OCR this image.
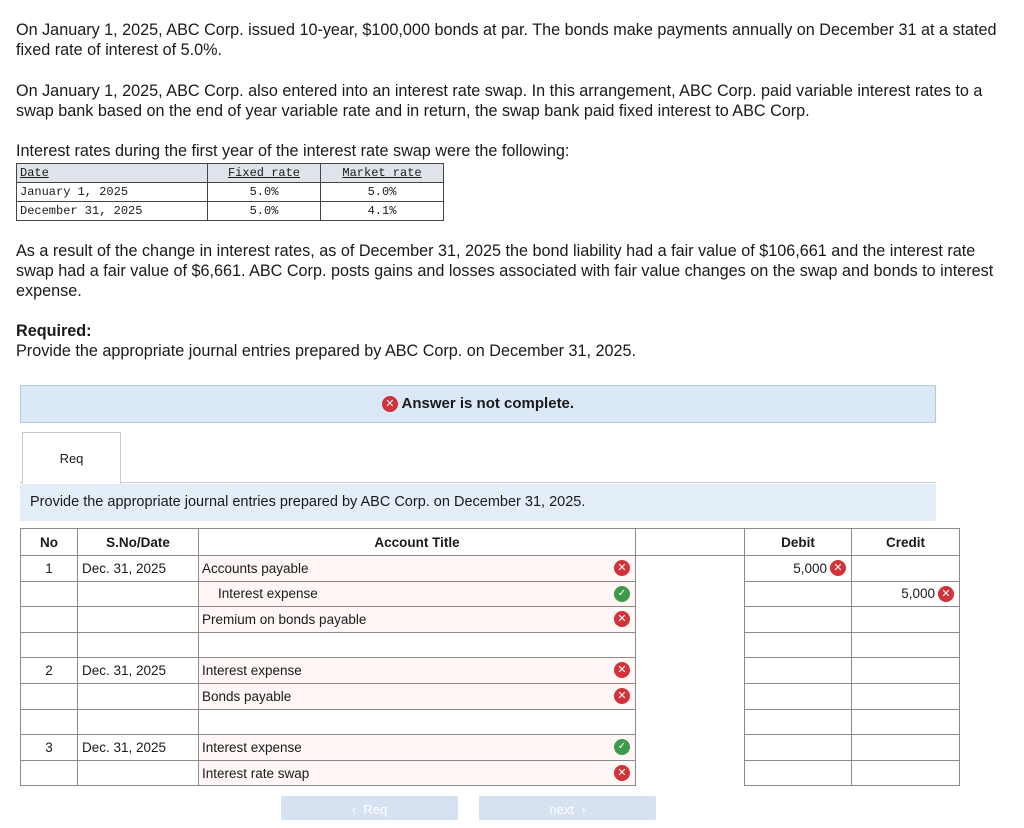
On January 1, 2025, ABC Corp. issued 10-year, $100,000 bonds at par. The bonds make payments annually on December 31 at a stated fixed rate of interest of 5.0%.

On January 1, 2025, ABC Corp. also entered into an interest rate swap. In this arrangement, ABC Corp. paid variable interest rates to a swap bank based on the end of year variable rate and in return, the swap bank paid fixed interest to ABC Corp.

Interest rates during the first year of the interest rate swap were the following:

Date	Fixed rate	Market rate
January 1, 2025	5.0%	5.0%
December 31, 2025	5.0%	4.1%

As a result of the change in interest rates, as of December 31, 2025 the bond liability had a fair value of $106,661 and the interest rate swap had a fair value of $6,661. ABC Corp. posts gains and losses associated with fair value changes on the swap and bonds to interest expense.

Required:
Provide the appropriate journal entries prepared by ABC Corp. on December 31, 2025.
✕ Answer is not complete.
Req
Provide the appropriate journal entries prepared by ABC Corp. on December 31, 2025.
No	S.No/Date	Account Title		Debit	Credit
1	Dec. 31, 2025	Accounts payable ✕		5,000 ✕	

		Interest expense ✓			5,000 ✕

		Premium on bonds payable ✕			

2	Dec. 31, 2025	Interest expense ✕			

		Bonds payable ✕			

3	Dec. 31, 2025	Interest expense ✓			

		Interest rate swap ✕			

‹ Req	next ›
